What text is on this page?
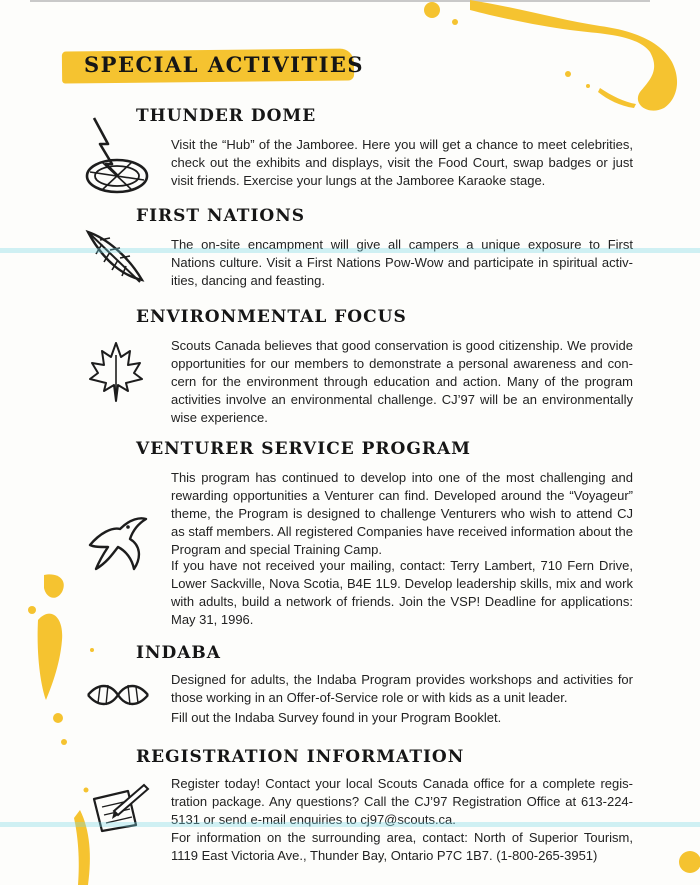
SPECIAL ACTIVITIES
THUNDER DOME

Visit the “Hub” of the Jamboree. Here you will get a chance to meet celebrities, check out the exhibits and displays, visit the Food Court, swap badges or just visit friends. Exercise your lungs at the Jamboree Karaoke stage.

FIRST NATIONS

The on-site encampment will give all campers a unique exposure to First Nations culture. Visit a First Nations Pow-Wow and participate in spiritual activities, dancing and feasting.

ENVIRONMENTAL FOCUS

Scouts Canada believes that good conservation is good citizenship. We provide opportunities for our members to demonstrate a personal awareness and concern for the environment through education and action. Many of the program activities involve an environmental challenge. CJ’97 will be an environmentally wise experience.

VENTURER SERVICE PROGRAM

This program has continued to develop into one of the most challenging and rewarding opportunities a Venturer can find. Developed around the “Voyageur” theme, the Program is designed to challenge Venturers who wish to attend CJ as staff members. All registered Companies have received information about the Program and special Training Camp.

If you have not received your mailing, contact: Terry Lambert, 710 Fern Drive, Lower Sackville, Nova Scotia, B4E 1L9. Develop leadership skills, mix and work with adults, build a network of friends. Join the VSP! Deadline for applications: May 31, 1996.

INDABA

Designed for adults, the Indaba Program provides workshops and activities for those working in an Offer-of-Service role or with kids as a unit leader.

Fill out the Indaba Survey found in your Program Booklet.

REGISTRATION INFORMATION

Register today! Contact your local Scouts Canada office for a complete registration package. Any questions? Call the CJ’97 Registration Office at 613-224-5131 or send e-mail enquiries to cj97@scouts.ca.

For information on the surrounding area, contact: North of Superior Tourism, 1119 East Victoria Ave., Thunder Bay, Ontario P7C 1B7. (1-800-265-3951)
